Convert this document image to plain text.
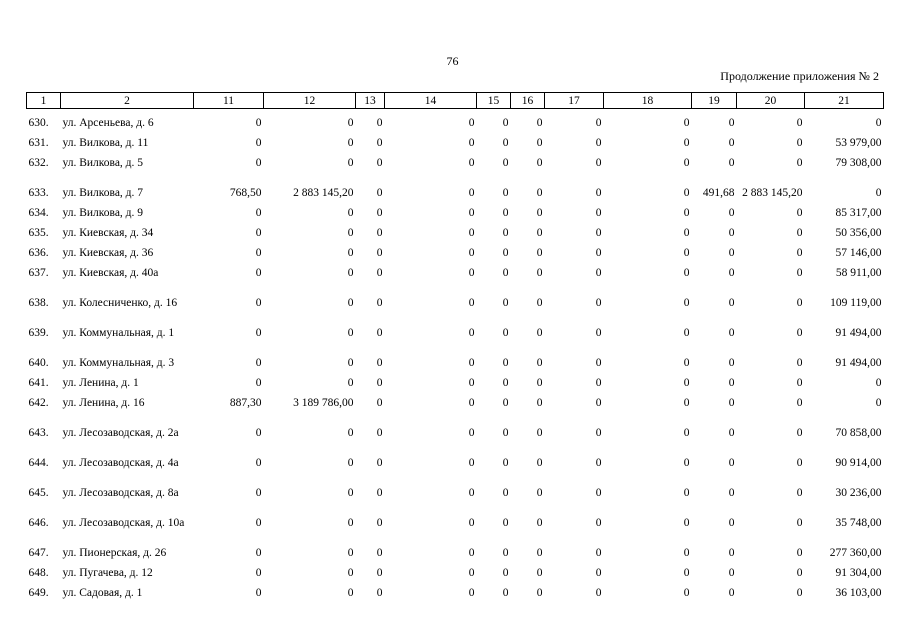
76
Продолжение приложения № 2
1	2	11	12	13	14	15	16	17	18	19	20	21
630.	ул. Арсеньева, д. 6	0	0	0	0	0	0	0	0	0	0	0
631.	ул. Вилкова, д. 11	0	0	0	0	0	0	0	0	0	0	53 979,00
632.	ул. Вилкова, д. 5	0	0	0	0	0	0	0	0	0	0	79 308,00
633.	ул. Вилкова, д. 7	768,50	2 883 145,20	0	0	0	0	0	0	491,68	2 883 145,20	0
634.	ул. Вилкова, д. 9	0	0	0	0	0	0	0	0	0	0	85 317,00
635.	ул. Киевская, д. 34	0	0	0	0	0	0	0	0	0	0	50 356,00
636.	ул. Киевская, д. 36	0	0	0	0	0	0	0	0	0	0	57 146,00
637.	ул. Киевская, д. 40а	0	0	0	0	0	0	0	0	0	0	58 911,00
638.	ул. Колесниченко, д. 16	0	0	0	0	0	0	0	0	0	0	109 119,00
639.	ул. Коммунальная, д. 1	0	0	0	0	0	0	0	0	0	0	91 494,00
640.	ул. Коммунальная, д. 3	0	0	0	0	0	0	0	0	0	0	91 494,00
641.	ул. Ленина, д. 1	0	0	0	0	0	0	0	0	0	0	0
642.	ул. Ленина, д. 16	887,30	3 189 786,00	0	0	0	0	0	0	0	0	0
643.	ул. Лесозаводская, д. 2а	0	0	0	0	0	0	0	0	0	0	70 858,00
644.	ул. Лесозаводская, д. 4а	0	0	0	0	0	0	0	0	0	0	90 914,00
645.	ул. Лесозаводская, д. 8а	0	0	0	0	0	0	0	0	0	0	30 236,00
646.	ул. Лесозаводская, д. 10а	0	0	0	0	0	0	0	0	0	0	35 748,00
647.	ул. Пионерская, д. 26	0	0	0	0	0	0	0	0	0	0	277 360,00
648.	ул. Пугачева, д. 12	0	0	0	0	0	0	0	0	0	0	91 304,00
649.	ул. Садовая, д. 1	0	0	0	0	0	0	0	0	0	0	36 103,00
